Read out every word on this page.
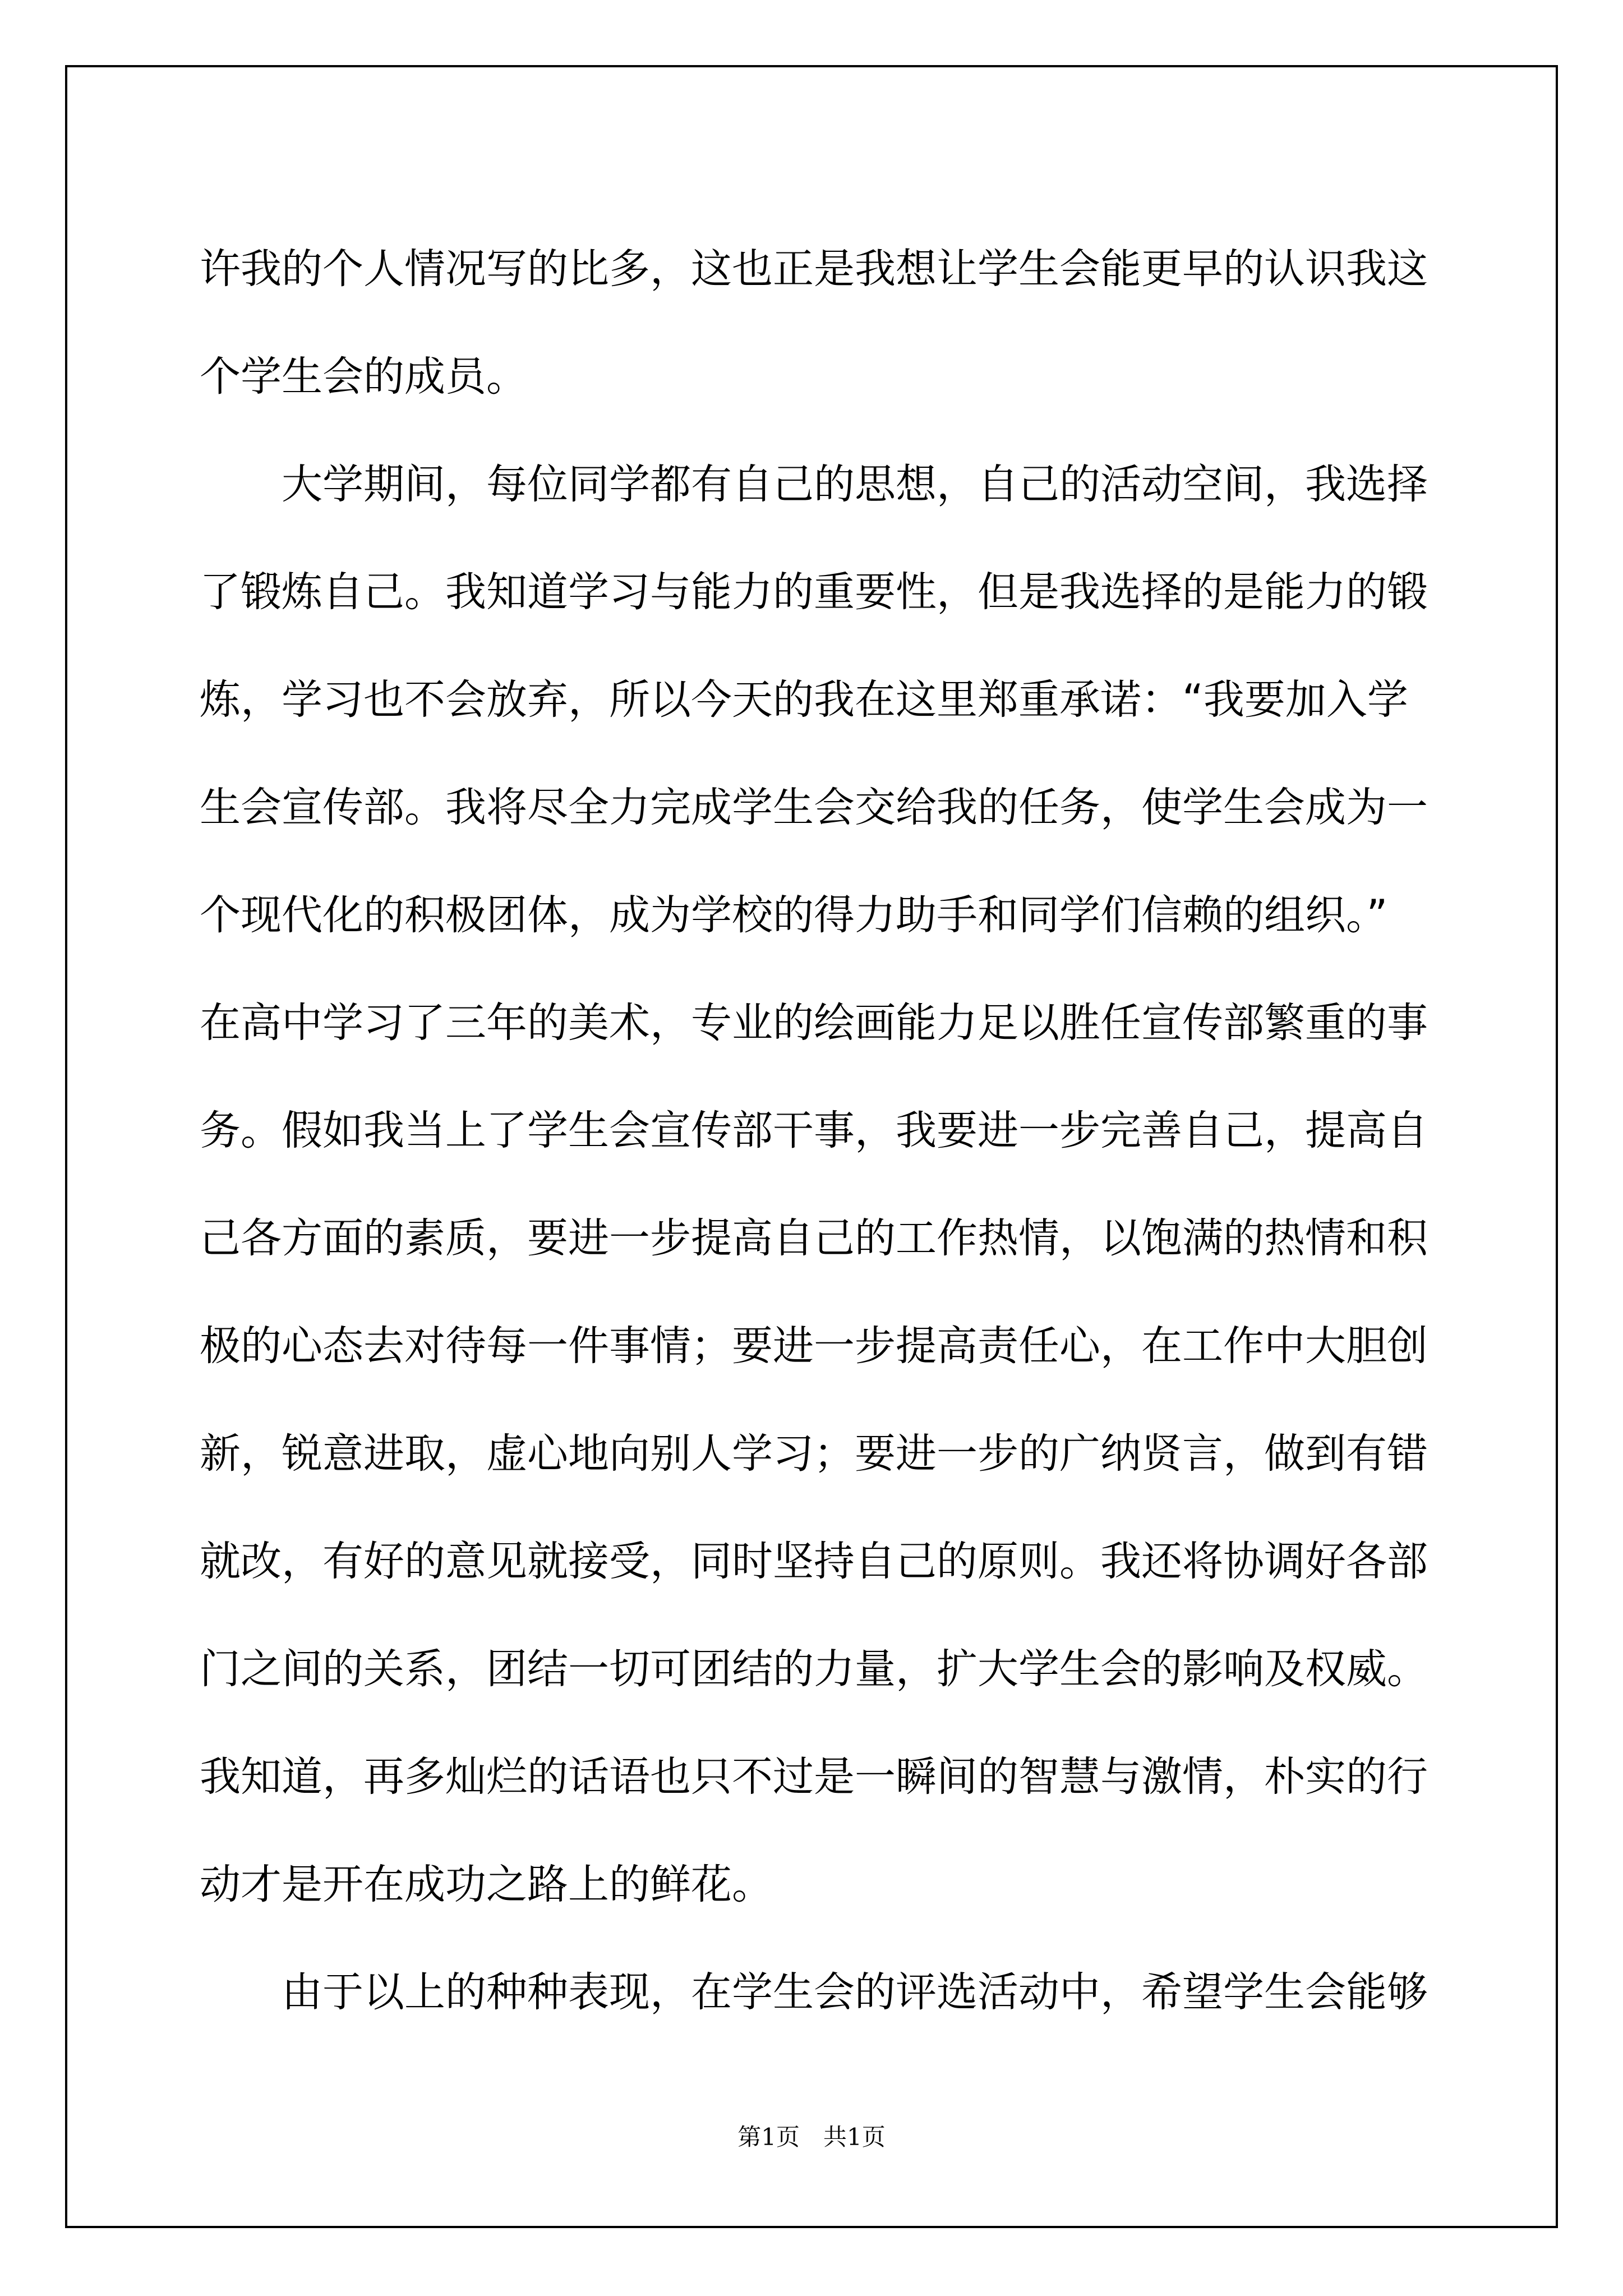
许我的个人情况写的比多，这也正是我想让学生会能更早的认识我这
个学生会的成员。
　　大学期间，每位同学都有自己的思想，自己的活动空间，我选择
了锻炼自己。我知道学习与能力的重要性，但是我选择的是能力的锻
炼，学习也不会放弃，所以今天的我在这里郑重承诺：“我要加入学
生会宣传部。我将尽全力完成学生会交给我的任务，使学生会成为一
个现代化的积极团体，成为学校的得力助手和同学们信赖的组织。”
在高中学习了三年的美术，专业的绘画能力足以胜任宣传部繁重的事
务。假如我当上了学生会宣传部干事，我要进一步完善自己，提高自
己各方面的素质，要进一步提高自己的工作热情，以饱满的热情和积
极的心态去对待每一件事情；要进一步提高责任心，在工作中大胆创
新，锐意进取，虚心地向别人学习；要进一步的广纳贤言，做到有错
就改，有好的意见就接受，同时坚持自己的原则。我还将协调好各部
门之间的关系，团结一切可团结的力量，扩大学生会的影响及权威。
我知道，再多灿烂的话语也只不过是一瞬间的智慧与激情，朴实的行
动才是开在成功之路上的鲜花。
　　由于以上的种种表现，在学生会的评选活动中，希望学生会能够

第1页　共1页
